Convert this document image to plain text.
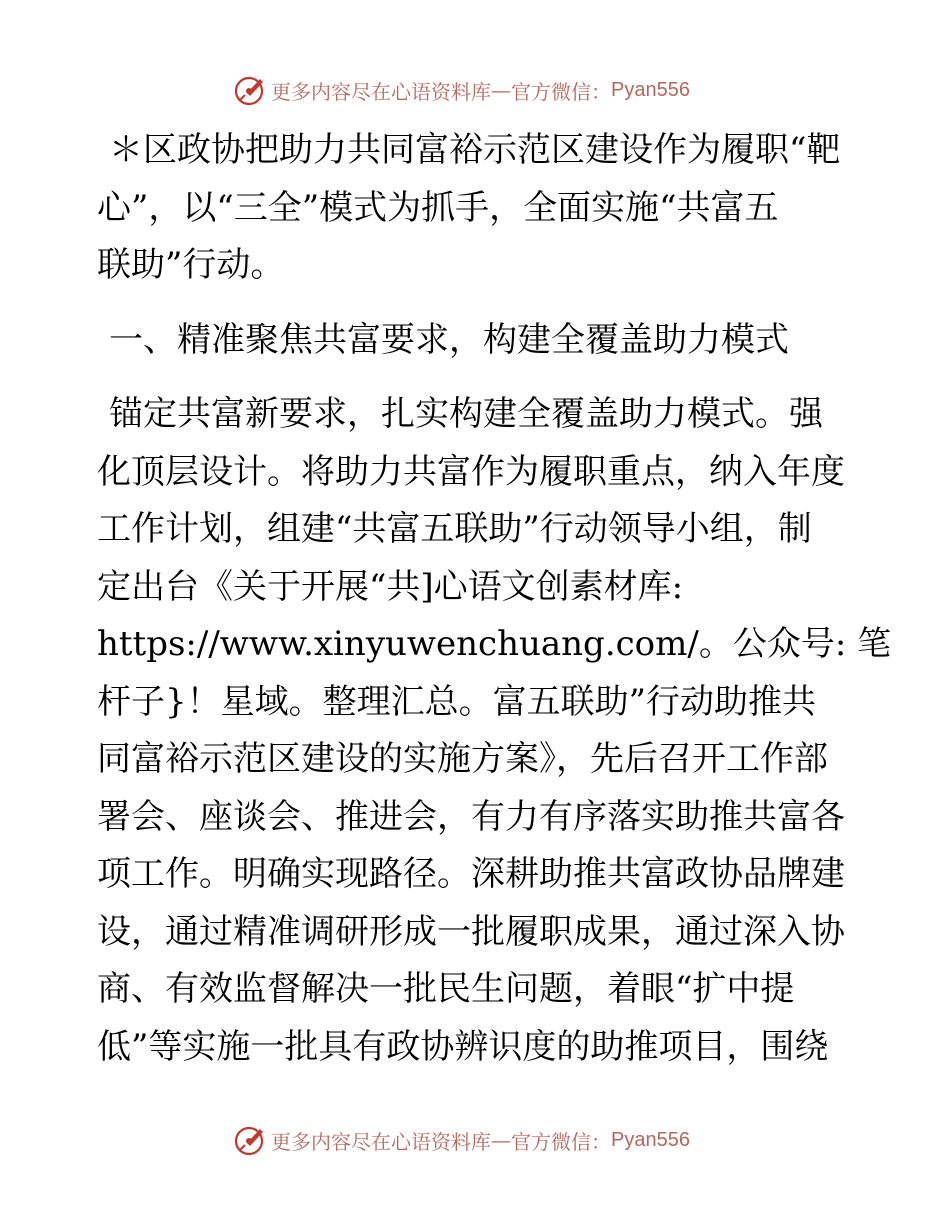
更多内容尽在心语资料库 — 官方微信： Pyan556
＊区政协把助力共同富裕示范区建设作为履职“靶
心”，以“三全”模式为抓手，全面实施“共富五
联助”行动。
一、精准聚焦共富要求，构建全覆盖助力模式
锚定共富新要求，扎实构建全覆盖助力模式。强
化顶层设计。将助力共富作为履职重点，纳入年度
工作计划，组建“共富五联助”行动领导小组，制
定出台《关于开展“共]心语文创素材库:
https://www.xinyuwenchuang.com/。公众号: 笔
杆子}！星域。整理汇总。富五联助”行动助推共
同富裕示范区建设的实施方案》，先后召开工作部
署会、座谈会、推进会，有力有序落实助推共富各
项工作。明确实现路径。深耕助推共富政协品牌建
设，通过精准调研形成一批履职成果，通过深入协
商、有效监督解决一批民生问题，着眼“扩中提
低”等实施一批具有政协辨识度的助推项目，围绕
更多内容尽在心语资料库 — 官方微信： Pyan556
